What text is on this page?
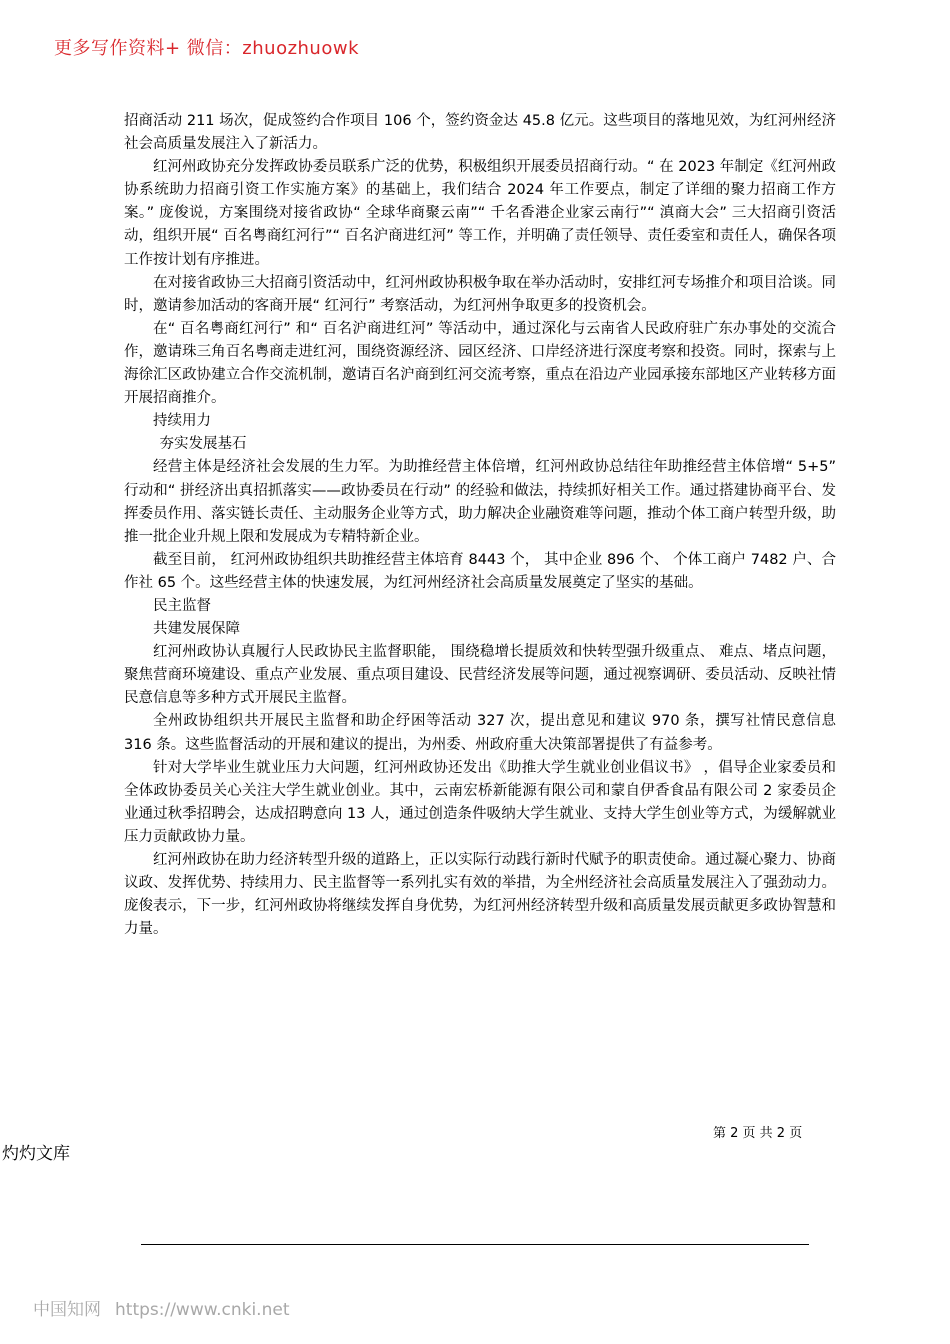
更多写作资料+ 微信：zhuozhuowk

招商活动 211 场次，促成签约合作项目 106 个，签约资金达 45.8 亿元。这些项目的落地见效，为红河州经济社会高质量发展注入了新活力。

红河州政协充分发挥政协委员联系广泛的优势，积极组织开展委员招商行动。“ 在 2023 年制定《红河州政协系统助力招商引资工作实施方案》的基础上，我们结合 2024 年工作要点，制定了详细的聚力招商工作方案。” 庞俊说，方案围绕对接省政协“ 全球华商聚云南”“ 千名香港企业家云南行”“ 滇商大会” 三大招商引资活动，组织开展“ 百名粤商红河行”“ 百名沪商进红河” 等工作，并明确了责任领导、责任委室和责任人，确保各项工作按计划有序推进。

在对接省政协三大招商引资活动中，红河州政协积极争取在举办活动时，安排红河专场推介和项目洽谈。同时，邀请参加活动的客商开展“ 红河行” 考察活动，为红河州争取更多的投资机会。

在“ 百名粤商红河行” 和“ 百名沪商进红河” 等活动中，通过深化与云南省人民政府驻广东办事处的交流合作，邀请珠三角百名粤商走进红河，围绕资源经济、园区经济、口岸经济进行深度考察和投资。同时，探索与上海徐汇区政协建立合作交流机制，邀请百名沪商到红河交流考察，重点在沿边产业园承接东部地区产业转移方面开展招商推介。

持续用力

夯实发展基石

经营主体是经济社会发展的生力军。为助推经营主体倍增，红河州政协总结往年助推经营主体倍增“ 5+5” 行动和“ 拼经济出真招抓落实——政协委员在行动” 的经验和做法，持续抓好相关工作。通过搭建协商平台、发挥委员作用、落实链长责任、主动服务企业等方式，助力解决企业融资难等问题，推动个体工商户转型升级，助推一批企业升规上限和发展成为专精特新企业。

截至目前， 红河州政协组织共助推经营主体培育 8443 个， 其中企业 896 个、 个体工商户 7482 户、合作社 65 个。这些经营主体的快速发展，为红河州经济社会高质量发展奠定了坚实的基础。

民主监督

共建发展保障

红河州政协认真履行人民政协民主监督职能， 围绕稳增长提质效和快转型强升级重点、 难点、堵点问题，聚焦营商环境建设、重点产业发展、重点项目建设、民营经济发展等问题，通过视察调研、委员活动、反映社情民意信息等多种方式开展民主监督。

全州政协组织共开展民主监督和助企纾困等活动 327 次，提出意见和建议 970 条，撰写社情民意信息 316 条。这些监督活动的开展和建议的提出，为州委、州政府重大决策部署提供了有益参考。

针对大学毕业生就业压力大问题，红河州政协还发出《助推大学生就业创业倡议书》 ，倡导企业家委员和全体政协委员关心关注大学生就业创业。其中，云南宏桥新能源有限公司和蒙自伊香食品有限公司 2 家委员企业通过秋季招聘会，达成招聘意向 13 人，通过创造条件吸纳大学生就业、支持大学生创业等方式，为缓解就业压力贡献政协力量。

红河州政协在助力经济转型升级的道路上，正以实际行动践行新时代赋予的职责使命。通过凝心聚力、协商议政、发挥优势、持续用力、民主监督等一系列扎实有效的举措，为全州经济社会高质量发展注入了强劲动力。庞俊表示，下一步，红河州政协将继续发挥自身优势，为红河州经济转型升级和高质量发展贡献更多政协智慧和力量。

第 2 页 共 2 页
灼灼文库
中国知网 https://www.cnki.net
